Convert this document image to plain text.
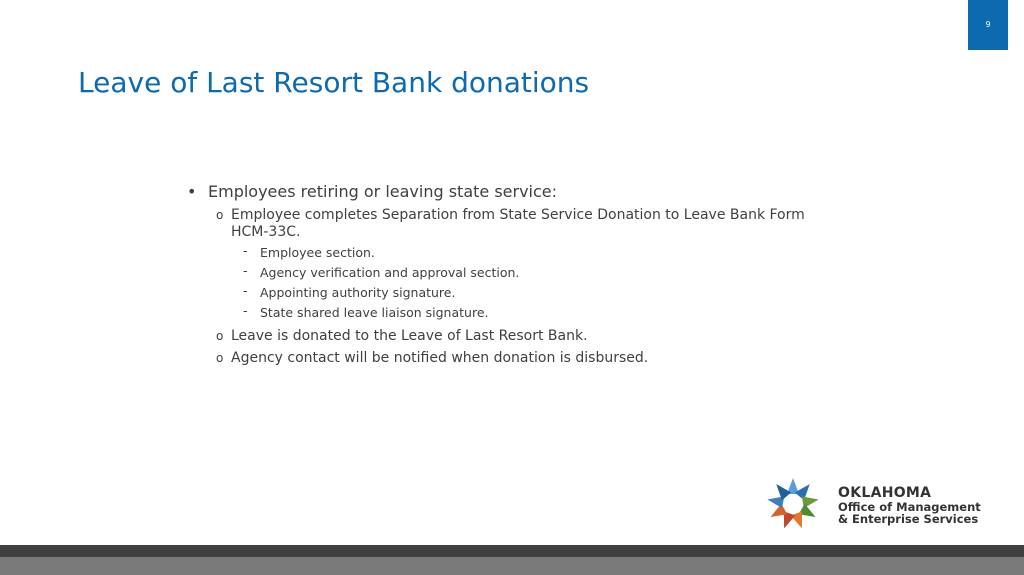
9
Leave of Last Resort Bank donations
• Employees retiring or leaving state service:
o Employee completes Separation from State Service Donation to Leave Bank Form HCM-33C.
- Employee section.
- Agency verification and approval section.
- Appointing authority signature.
- State shared leave liaison signature.
o Leave is donated to the Leave of Last Resort Bank.
o Agency contact will be notified when donation is disbursed.
OKLAHOMA
Office of Management
& Enterprise Services
